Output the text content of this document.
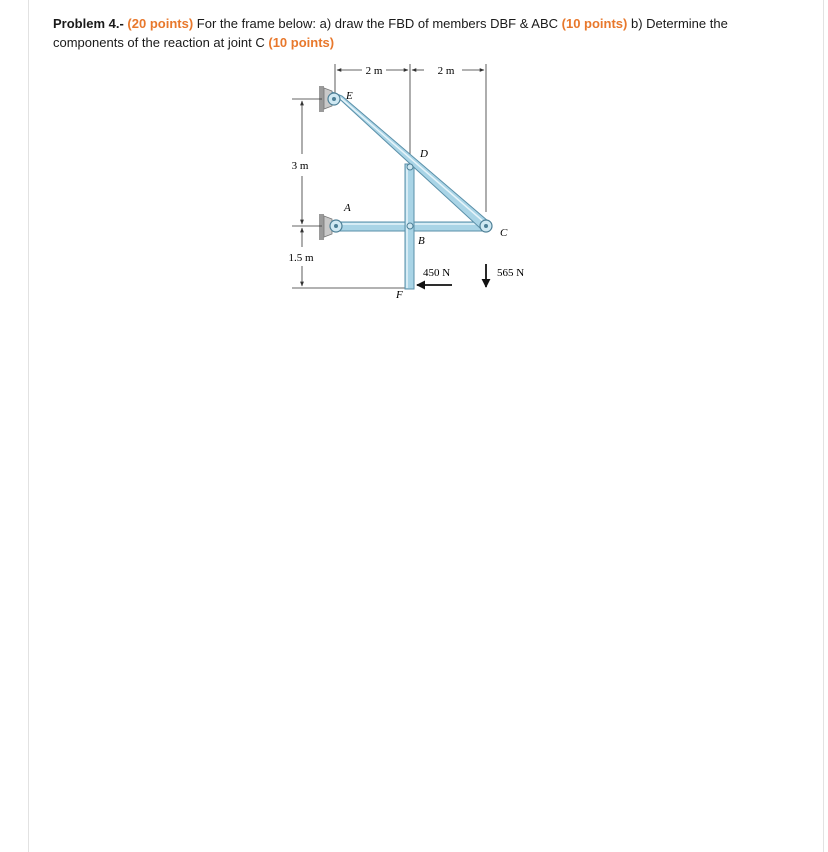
Problem 4.- (20 points) For the frame below: a) draw the FBD of members DBF & ABC (10 points) b) Determine the
components of the reaction at joint C (10 points)
2 m	2 m
3 m
1.5 m
E
D
A
B
C
F
450 N	565 N
